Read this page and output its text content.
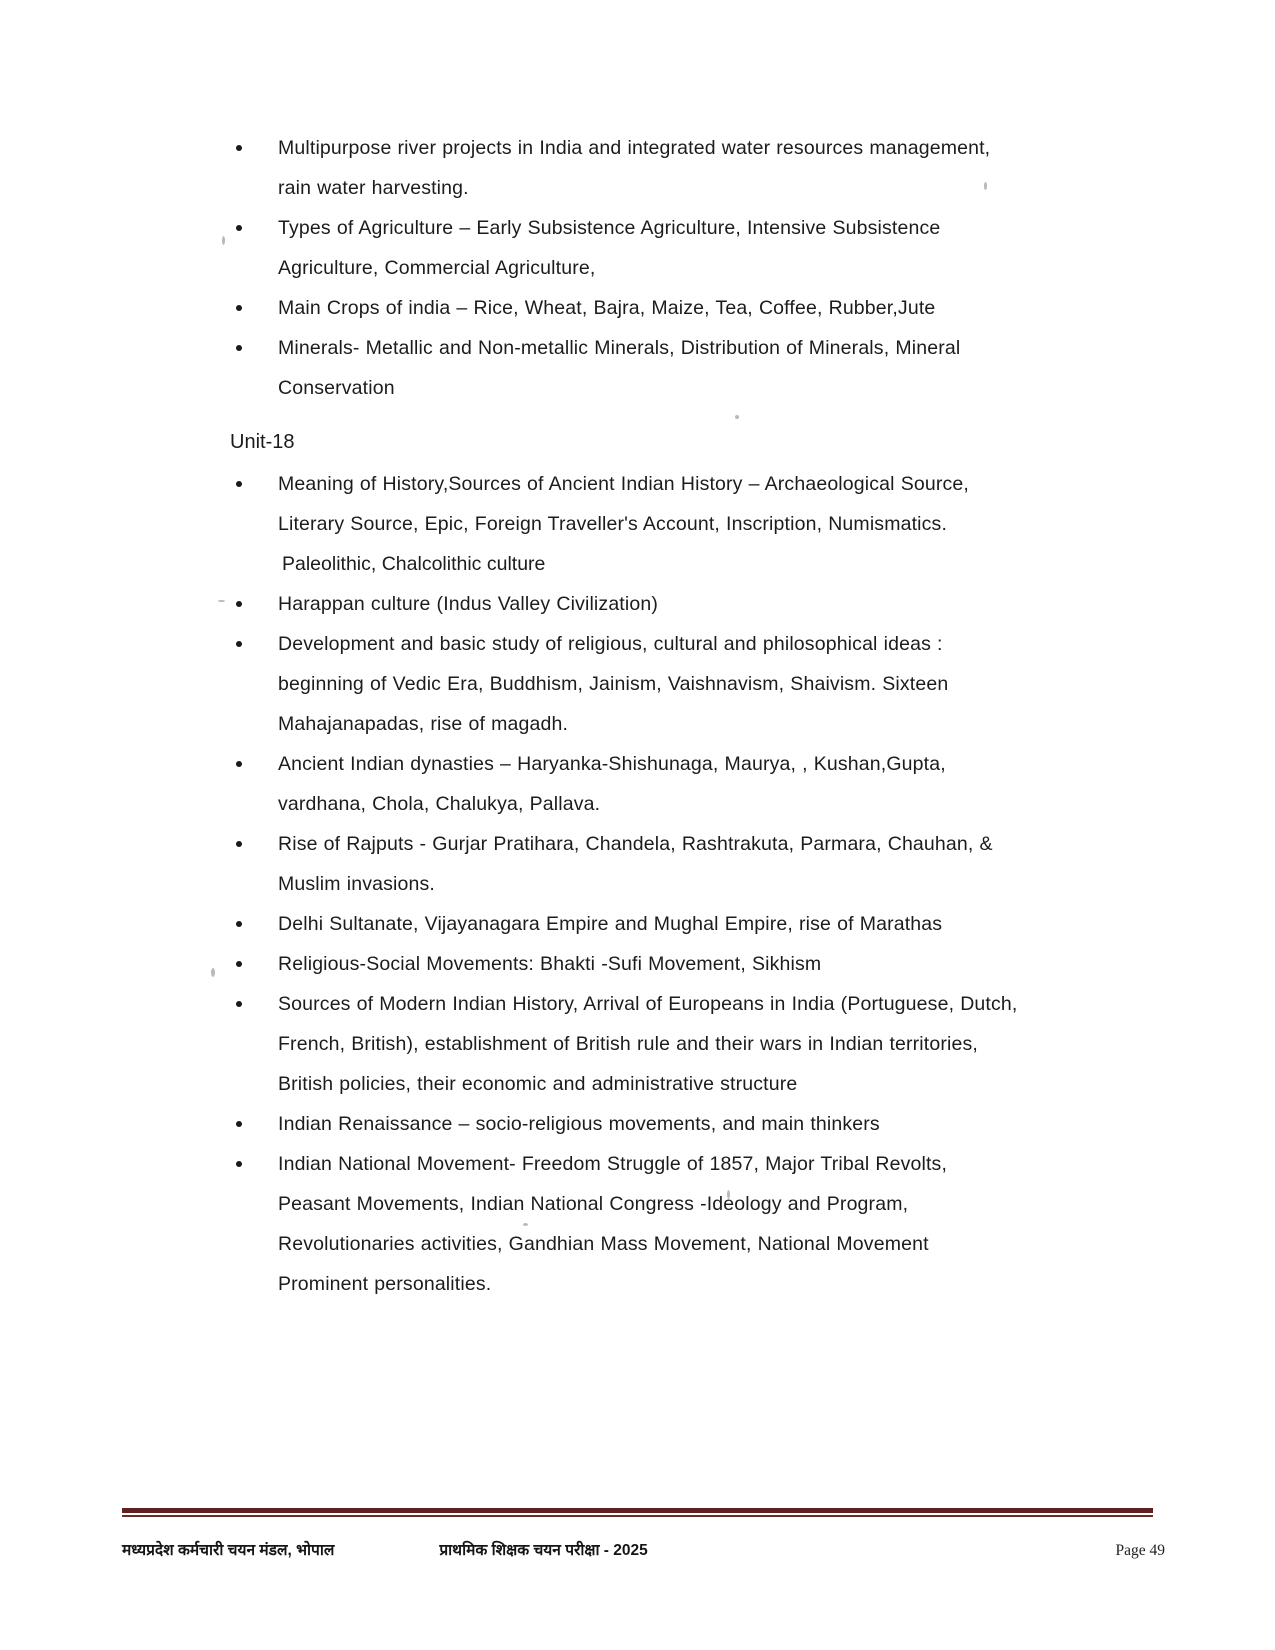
Multipurpose river projects in India and integrated water resources management, rain water harvesting.
Types of Agriculture – Early Subsistence Agriculture, Intensive Subsistence Agriculture, Commercial Agriculture,
Main Crops of india – Rice, Wheat, Bajra, Maize, Tea, Coffee, Rubber,Jute
Minerals- Metallic and Non-metallic Minerals, Distribution of Minerals, Mineral Conservation
Unit-18
Meaning of History,Sources of Ancient Indian History – Archaeological Source, Literary Source, Epic, Foreign Traveller's Account, Inscription, Numismatics.
Paleolithic, Chalcolithic culture
Harappan culture (Indus Valley Civilization)
Development and basic study of religious, cultural and philosophical ideas : beginning of Vedic Era, Buddhism, Jainism, Vaishnavism, Shaivism. Sixteen Mahajanapadas, rise of magadh.
Ancient Indian dynasties – Haryanka-Shishunaga, Maurya, , Kushan,Gupta, vardhana, Chola, Chalukya, Pallava.
Rise of Rajputs - Gurjar Pratihara, Chandela, Rashtrakuta, Parmara, Chauhan, & Muslim invasions.
Delhi Sultanate, Vijayanagara Empire and Mughal Empire, rise of Marathas
Religious-Social Movements: Bhakti -Sufi Movement, Sikhism
Sources of Modern Indian History, Arrival of Europeans in India (Portuguese, Dutch, French, British), establishment of British rule and their wars in Indian territories, British policies, their economic and administrative structure
Indian Renaissance – socio-religious movements, and main thinkers
Indian National Movement- Freedom Struggle of 1857, Major Tribal Revolts, Peasant Movements, Indian National Congress -Ideology and Program, Revolutionaries activities, Gandhian Mass Movement, National Movement Prominent personalities.
मध्यप्रदेश कर्मचारी चयन मंडल, भोपाल	प्राथमिक शिक्षक चयन परीक्षा - 2025	Page 49
